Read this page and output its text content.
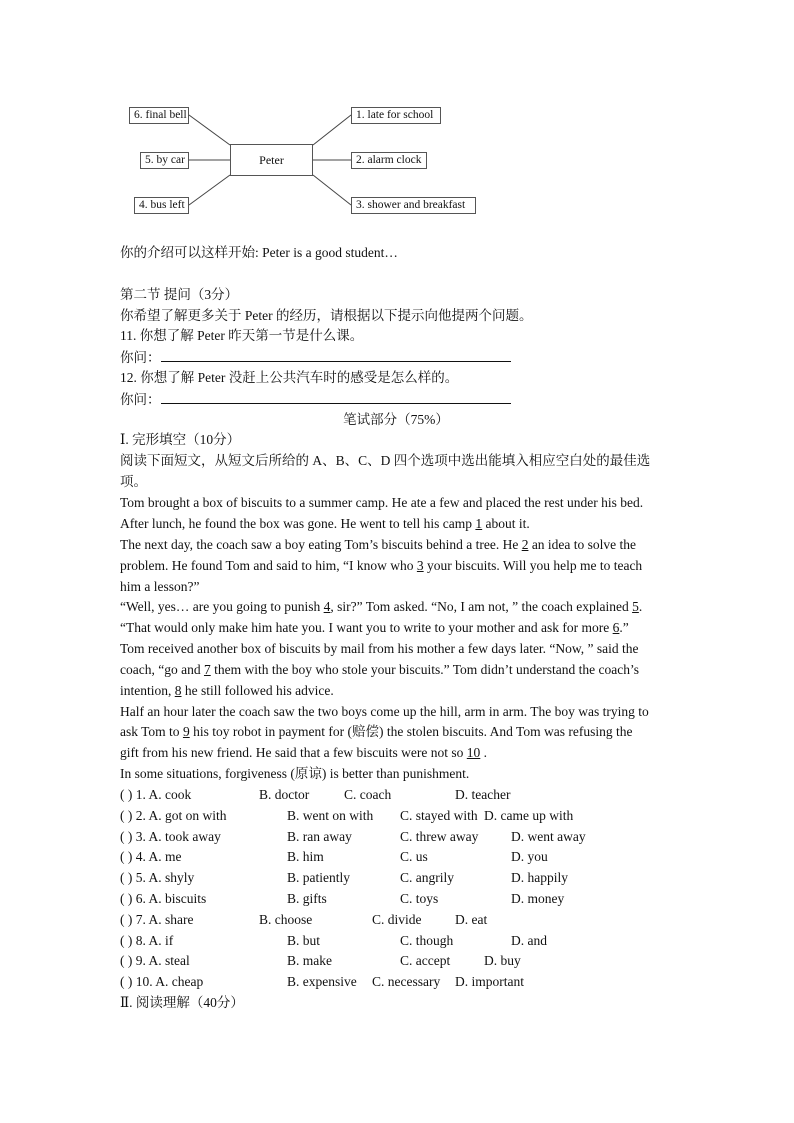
6. final bell
5. by car
4. bus left
Peter
1. late for school
2. alarm clock
3. shower and breakfast
你的介绍可以这样开始: Peter is a good student…
第二节 提问（3分）
你希望了解更多关于 Peter 的经历，请根据以下提示向他提两个问题。
11. 你想了解 Peter 昨天第一节是什么课。
你问：
12. 你想了解 Peter 没赶上公共汽车时的感受是怎么样的。
你问：
笔试部分（75%）
Ⅰ. 完形填空（10分）
阅读下面短文，从短文后所给的 A、B、C、D 四个选项中选出能填入相应空白处的最佳选
项。
Tom brought a box of biscuits to a summer camp. He ate a few and placed the rest under his bed.
After lunch, he found the box was gone. He went to tell his camp 1 about it.
The next day, the coach saw a boy eating Tom’s biscuits behind a tree. He 2 an idea to solve the
problem. He found Tom and said to him, “I know who 3 your biscuits. Will you help me to teach
him a lesson?”
“Well, yes… are you going to punish 4, sir?” Tom asked. “No, I am not, ” the coach explained 5.
“That would only make him hate you. I want you to write to your mother and ask for more 6.”
Tom received another box of biscuits by mail from his mother a few days later. “Now, ” said the
coach, “go and 7 them with the boy who stole your biscuits.” Tom didn’t understand the coach’s
intention, 8 he still followed his advice.
Half an hour later the coach saw the two boys come up the hill, arm in arm. The boy was trying to
ask Tom to 9 his toy robot in payment for (赔偿) the stolen biscuits. And Tom was refusing the
gift from his new friend. He said that a few biscuits were not so 10 .
In some situations, forgiveness (原谅) is better than punishment.
( ) 1. A. cook	B. doctor	C. coach	D. teacher
( ) 2. A. got on with	B. went on with C. stayed with D. came up with
( ) 3. A. took away	B. ran away	C. threw away D. went away
( ) 4. A. me	B. him	C. us	D. you
( ) 5. A. shyly	B. patiently	C. angrily	D. happily
( ) 6. A. biscuits	B. gifts	C. toys	D. money
( ) 7. A. share	B. choose	C. divide D. eat
( ) 8. A. if	B. but	C. though	D. and
( ) 9. A. steal	B. make	C. accept	D. buy
( ) 10. A. cheap	B. expensive C. necessary D. important
Ⅱ. 阅读理解（40分）
